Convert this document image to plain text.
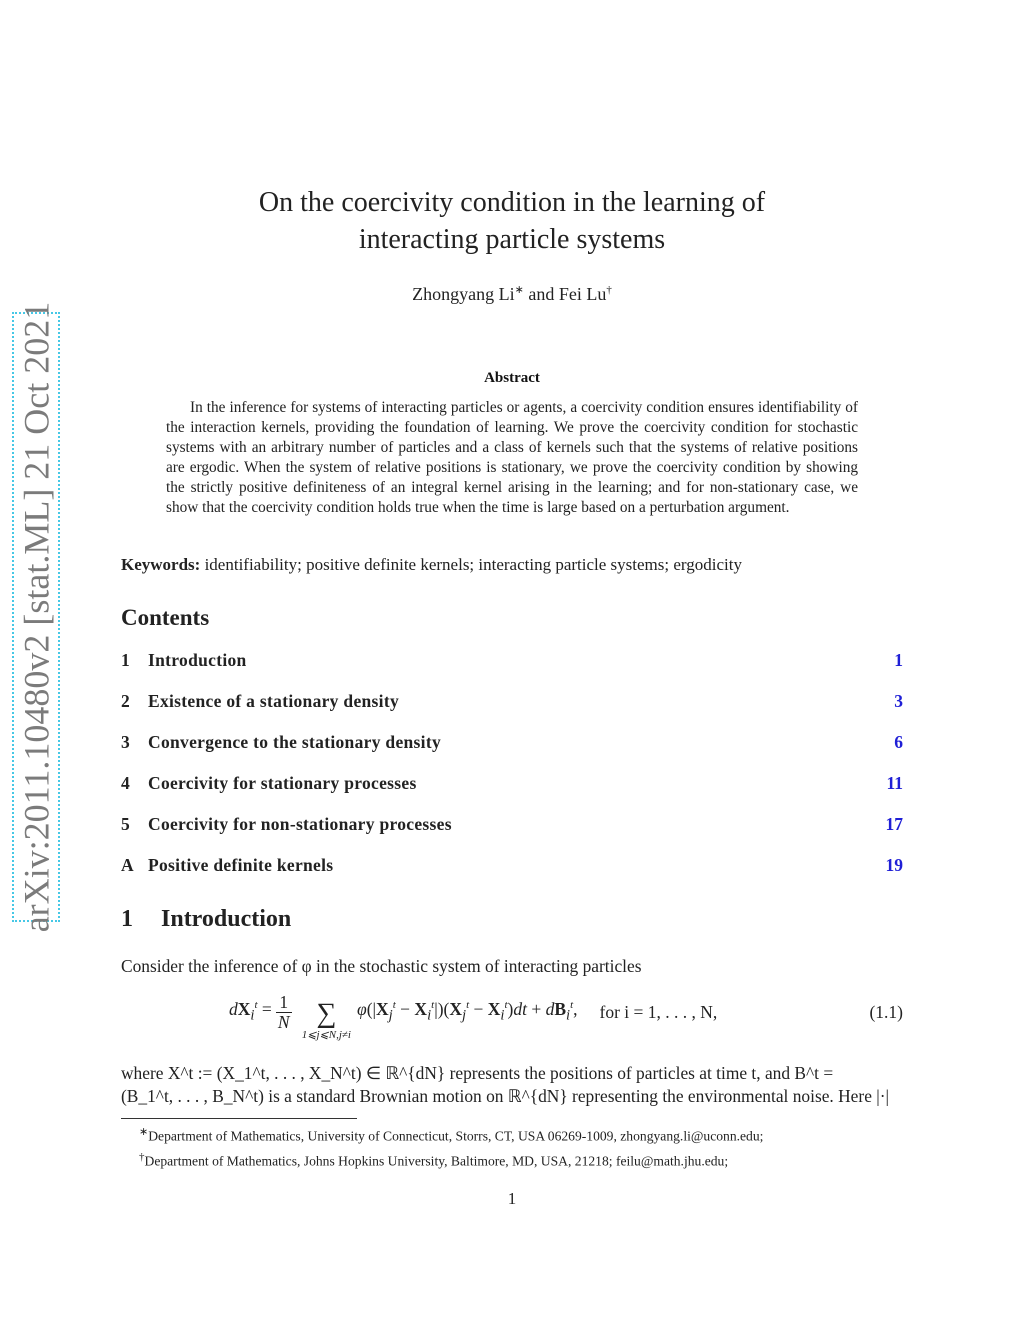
arXiv:2011.10480v2 [stat.ML] 21 Oct 2021
On the coercivity condition in the learning of
interacting particle systems
Zhongyang Li∗ and Fei Lu†
Abstract

In the inference for systems of interacting particles or agents, a coercivity condition ensures identifiability of the interaction kernels, providing the foundation of learning. We prove the coercivity condition for stochastic systems with an arbitrary number of particles and a class of kernels such that the systems of relative positions are ergodic. When the system of relative positions is stationary, we prove the coercivity condition by showing the strictly positive definiteness of an integral kernel arising in the learning; and for non-stationary case, we show that the coercivity condition holds true when the time is large based on a perturbation argument.

Keywords: identifiability; positive definite kernels; interacting particle systems; ergodicity
Contents
1	Introduction	1
2	Existence of a stationary density	3
3	Convergence to the stationary density	6
4	Coercivity for stationary processes	11
5	Coercivity for non-stationary processes	17
A Positive definite kernels	19
1 Introduction

Consider the inference of φ in the stochastic system of interacting particles

$dX_i^t = \frac{1}{N}$ ∑
1⩽j⩽N,j≠i
$\varphi(|X_j^t - X_i^t|)(X_j^t - X_i^t)dt + dB_i^t$, for i = 1, . . . , N,	(1.1)

where X^t := (X_1^t, . . . , X_N^t) ∈ ℝ^{dN} represents the positions of particles at time t, and B^t =

(B_1^t, . . . , B_N^t) is a standard Brownian motion on ℝ^{dN} representing the environmental noise. Here |·|

∗Department of Mathematics, University of Connecticut, Storrs, CT, USA 06269-1009, zhongyang.li@uconn.edu;
†Department of Mathematics, Johns Hopkins University, Baltimore, MD, USA, 21218; feilu@math.jhu.edu;
1
